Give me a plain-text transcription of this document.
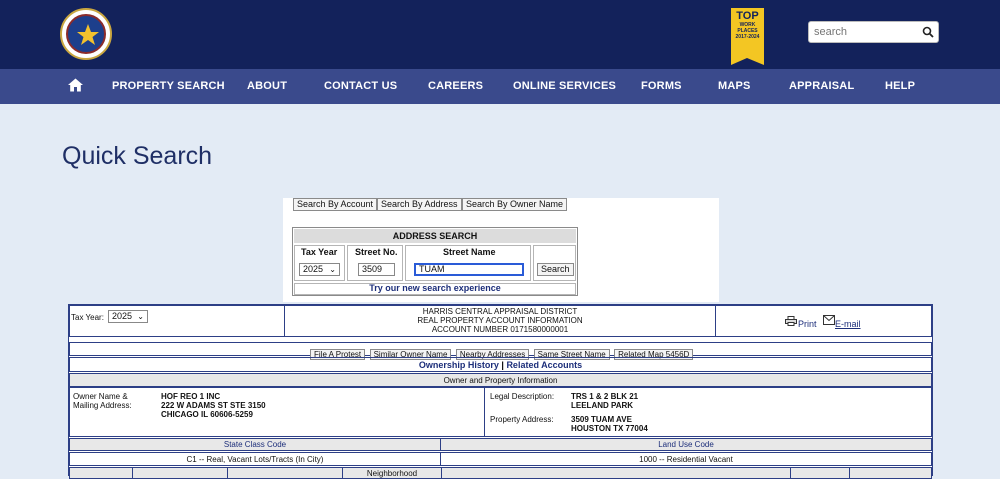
TOP
WORK
PLACES
2017-2024
search
PROPERTY SEARCH ABOUT	CONTACT US	CAREERS	ONLINE SERVICES FORMS	MAPS	APPRAISAL	HELP
Quick Search
Search By Account Search By Address Search By Owner Name
ADDRESS SEARCH
Tax Year Street No.	Street Name
2025 ⌄	3509	TUAM	Search
Try our new search experience
Tax Year: 2025 ⌄
HARRIS CENTRAL APPRAISAL DISTRICT
REAL PROPERTY ACCOUNT INFORMATION
ACCOUNT NUMBER 0171580000001
Print E-mail
File A Protest Similar Owner Name Nearby Addresses Same Street Name Related Map 5456D
Ownership History | Related Accounts
Owner and Property Information
Owner Name &
Mailing Address:
HOF REO 1 INC
222 W ADAMS ST STE 3150
CHICAGO IL 60606-5259
Legal Description: TRS 1 & 2 BLK 21
LEELAND PARK
Property Address: 3509 TUAM AVE
HOUSTON TX 77004
State Class Code	Land Use Code
C1 -- Real, Vacant Lots/Tracts (In City)	1000 -- Residential Vacant
Neighborhood
